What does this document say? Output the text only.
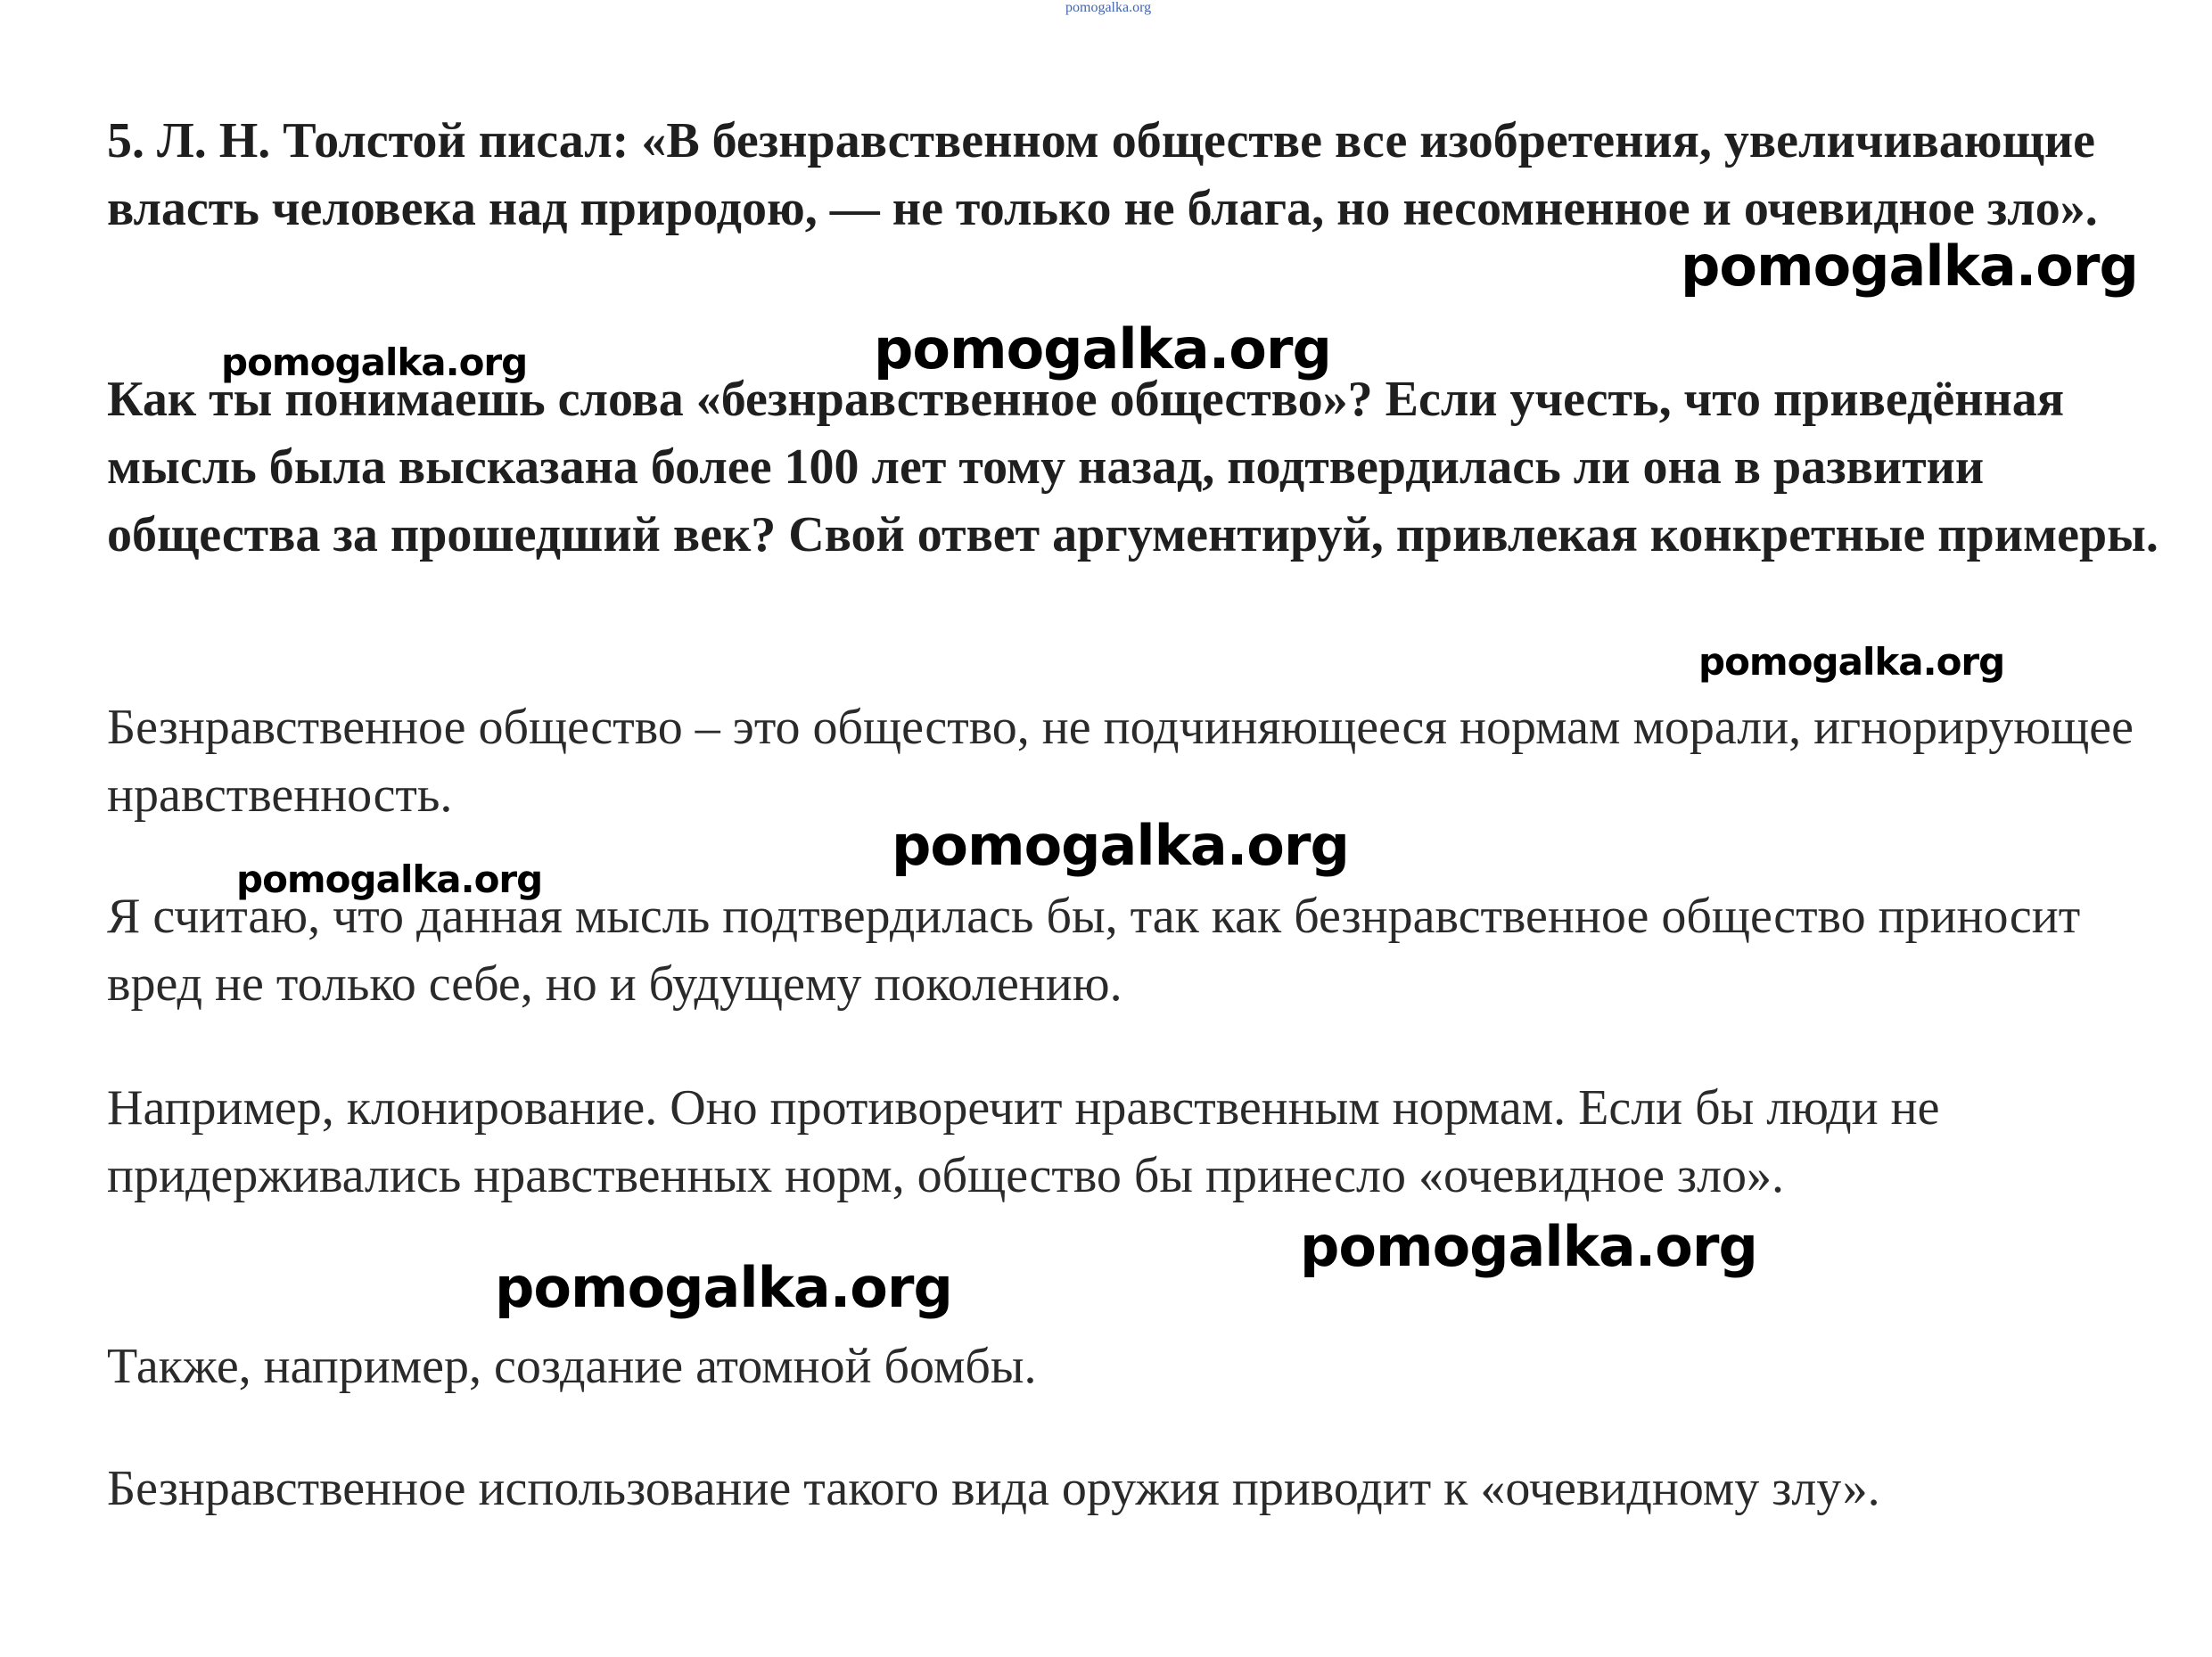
pomogalka.org

5. Л. Н. Толстой писал: «В безнравственном обществе все изобретения, увеличивающие власть человека над природою, — не только не блага, но несомненное и очевидное зло».

Как ты понимаешь слова «безнравственное общество»? Если учесть, что приведённая мысль была высказана более 100 лет тому назад, подтвердилась ли она в развитии общества за прошедший век? Свой ответ аргументируй, привлекая конкретные примеры.

Безнравственное общество – это общество, не подчиняющееся нормам морали, игнорирующее нравственность.

Я считаю, что данная мысль подтвердилась бы, так как безнравственное общество приносит вред не только себе, но и будущему поколению.

Например, клонирование. Оно противоречит нравственным нормам. Если бы люди не придерживались нравственных норм, общество бы принесло «очевидное зло».

Также, например, создание атомной бомбы.

Безнравственное использование такого вида оружия приводит к «очевидному злу».

pomogalka.org
pomogalka.org	pomogalka.org
pomogalka.org
pomogalka.org
pomogalka.org
pomogalka.org
pomogalka.org
